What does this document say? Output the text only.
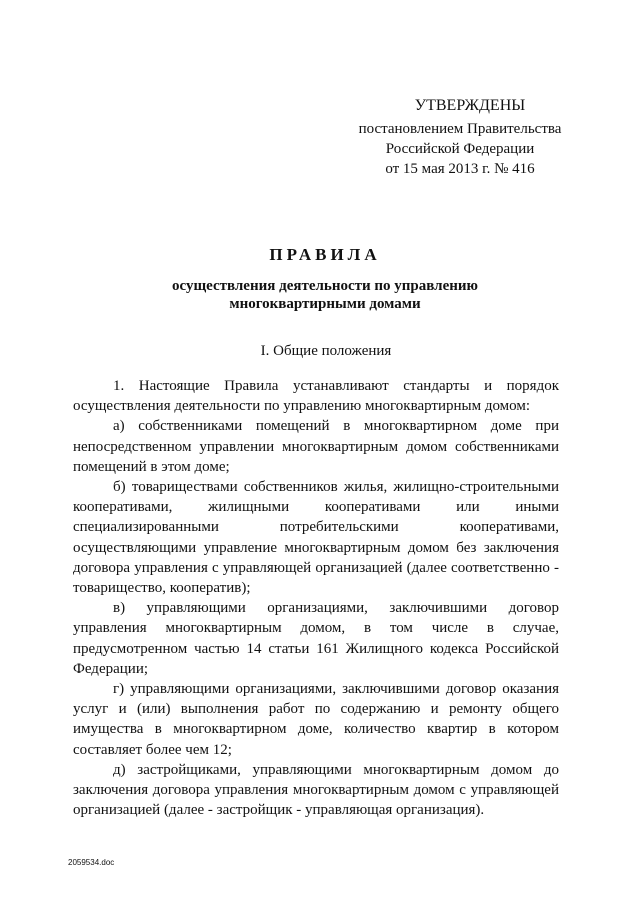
УТВЕРЖДЕНЫ
постановлением Правительства
Российской Федерации
от 15 мая 2013 г. № 416
ПРАВИЛА
осуществления деятельности по управлению
многоквартирными домами
I. Общие положения

1. Настоящие Правила устанавливают стандарты и порядок осуществления деятельности по управлению многоквартирным домом:

а) собственниками помещений в многоквартирном доме при непосредственном управлении многоквартирным домом собственниками помещений в этом доме;

б) товариществами собственников жилья, жилищно-строительными кооперативами, жилищными кооперативами или иными специализированными потребительскими кооперативами, осуществляющими управление многоквартирным домом без заключения договора управления с управляющей организацией (далее соответственно - товарищество, кооператив);

в) управляющими организациями, заключившими договор управления многоквартирным домом, в том числе в случае, предусмотренном частью 14 статьи 161 Жилищного кодекса Российской Федерации;

г) управляющими организациями, заключившими договор оказания услуг и (или) выполнения работ по содержанию и ремонту общего имущества в многоквартирном доме, количество квартир в котором составляет более чем 12;

д) застройщиками, управляющими многоквартирным домом до заключения договора управления многоквартирным домом с управляющей организацией (далее - застройщик - управляющая организация).

2059534.doc
